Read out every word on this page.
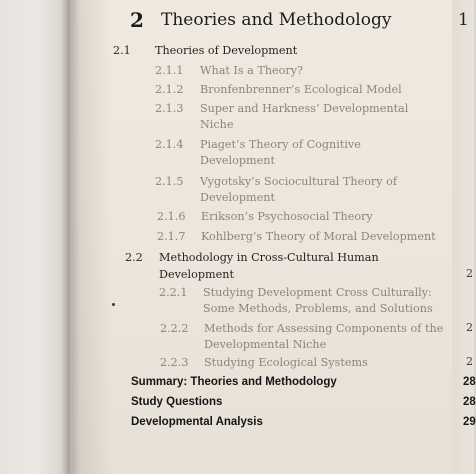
2 Theories and Methodology	1
2.1 Theories of Development
2.1.1 What Is a Theory?
2.1.2 Bronfenbrenner’s Ecological Model
2.1.3 Super and Harkness’ Developmental
Niche
2.1.4 Piaget’s Theory of Cognitive
Development
2.1.5 Vygotsky’s Sociocultural Theory of
Development
2.1.6 Erikson’s Psychosocial Theory
2.1.7 Kohlberg’s Theory of Moral Development
2.2 Methodology in Cross-Cultural Human
Development
2.2.1 Studying Development Cross Culturally:
Some Methods, Problems, and Solutions
2.2.2 Methods for Assessing Components of the
Developmental Niche
2.2.3 Studying Ecological Systems
Summary: Theories and Methodology
Study Questions
Developmental Analysis
28
28
29
2
2
2
